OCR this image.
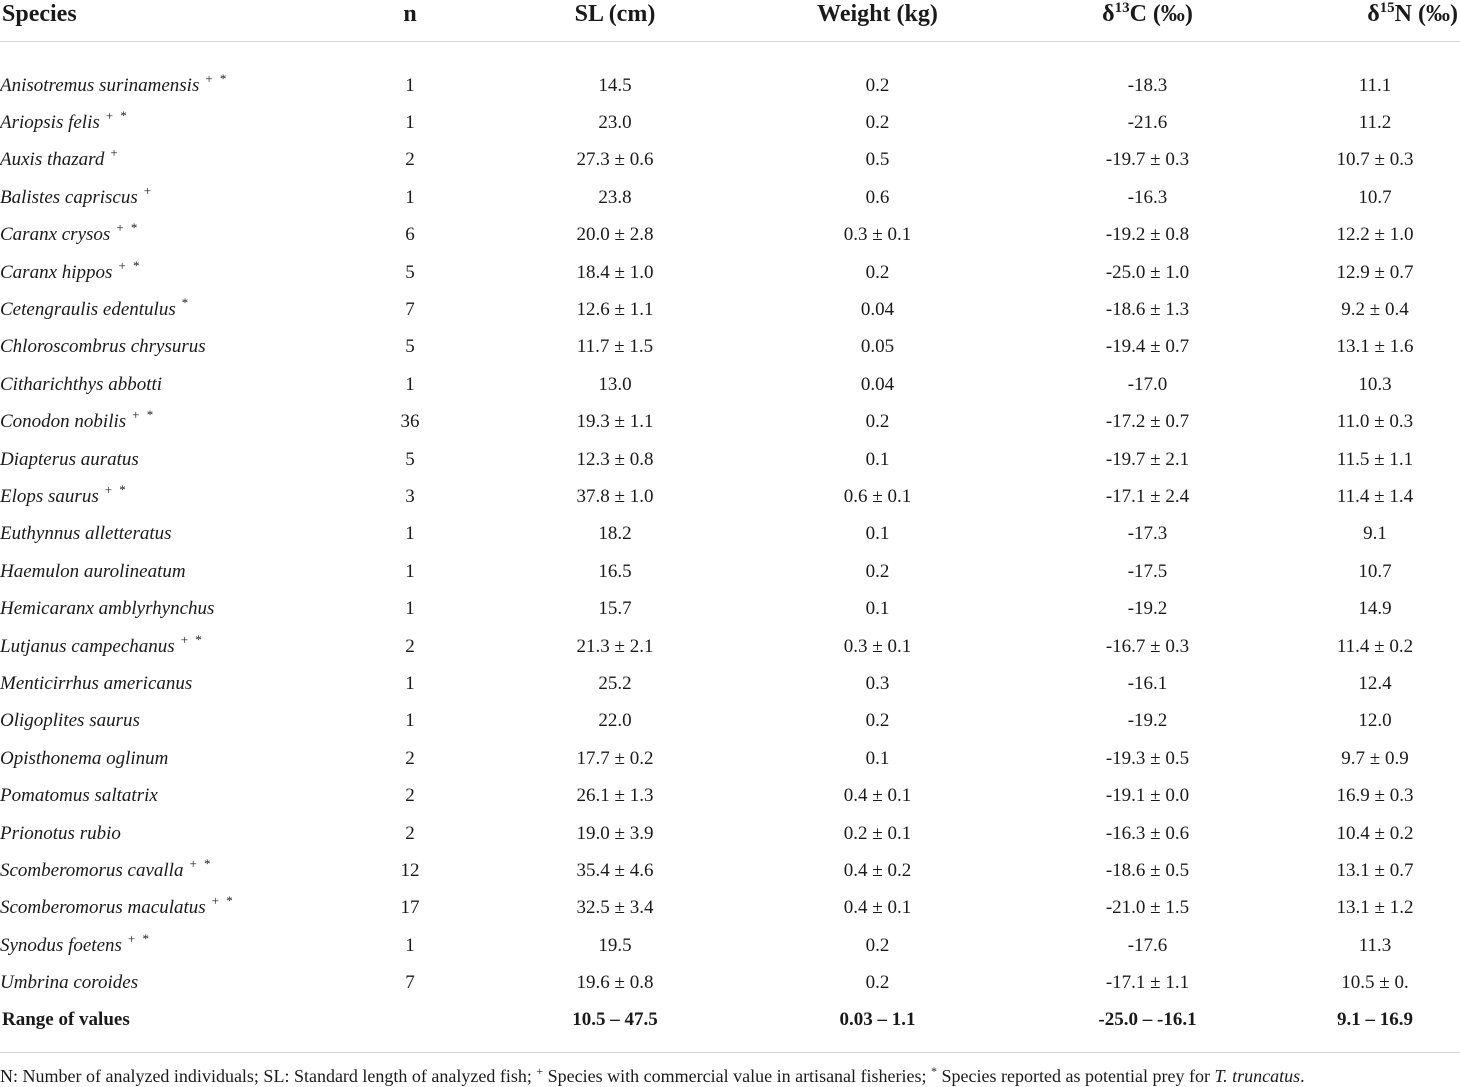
Species	n	SL (cm)	Weight (kg)	$\delta^{13}C$ (‰)	$\delta^{15}N$ (‰)

Anisotremus surinamensis + *	1	14.5	0.2	-18.3	11.1
Ariopsis felis + *	1	23.0	0.2	-21.6	11.2
Auxis thazard +	2	27.3 ± 0.6	0.5	-19.7 ± 0.3	10.7 ± 0.3
Balistes capriscus +	1	23.8	0.6	-16.3	10.7
Caranx crysos + *	6	20.0 ± 2.8	0.3 ± 0.1	-19.2 ± 0.8	12.2 ± 1.0
Caranx hippos + *	5	18.4 ± 1.0	0.2	-25.0 ± 1.0	12.9 ± 0.7
Cetengraulis edentulus *	7	12.6 ± 1.1	0.04	-18.6 ± 1.3	9.2 ± 0.4
Chloroscombrus chrysurus	5	11.7 ± 1.5	0.05	-19.4 ± 0.7	13.1 ± 1.6
Citharichthys abbotti	1	13.0	0.04	-17.0	10.3
Conodon nobilis + *	36	19.3 ± 1.1	0.2	-17.2 ± 0.7	11.0 ± 0.3
Diapterus auratus	5	12.3 ± 0.8	0.1	-19.7 ± 2.1	11.5 ± 1.1
Elops saurus + *	3	37.8 ± 1.0	0.6 ± 0.1	-17.1 ± 2.4	11.4 ± 1.4
Euthynnus alletteratus	1	18.2	0.1	-17.3	9.1
Haemulon aurolineatum	1	16.5	0.2	-17.5	10.7
Hemicaranx amblyrhynchus	1	15.7	0.1	-19.2	14.9
Lutjanus campechanus + *	2	21.3 ± 2.1	0.3 ± 0.1	-16.7 ± 0.3	11.4 ± 0.2
Menticirrhus americanus	1	25.2	0.3	-16.1	12.4
Oligoplites saurus	1	22.0	0.2	-19.2	12.0
Opisthonema oglinum	2	17.7 ± 0.2	0.1	-19.3 ± 0.5	9.7 ± 0.9
Pomatomus saltatrix	2	26.1 ± 1.3	0.4 ± 0.1	-19.1 ± 0.0	16.9 ± 0.3
Prionotus rubio	2	19.0 ± 3.9	0.2 ± 0.1	-16.3 ± 0.6	10.4 ± 0.2
Scomberomorus cavalla + *	12	35.4 ± 4.6	0.4 ± 0.2	-18.6 ± 0.5	13.1 ± 0.7
Scomberomorus maculatus + *	17	32.5 ± 3.4	0.4 ± 0.1	-21.0 ± 1.5	13.1 ± 1.2
Synodus foetens + *	1	19.5	0.2	-17.6	11.3
Umbrina coroides	7	19.6 ± 0.8	0.2	-17.1 ± 1.1	10.5 ± 0.
Range of values		10.5 – 47.5	0.03 – 1.1	-25.0 – -16.1	9.1 – 16.9
N: Number of analyzed individuals; SL: Standard length of analyzed fish; + Species with commercial value in artisanal fisheries; * Species reported as potential prey for T. truncatus.
